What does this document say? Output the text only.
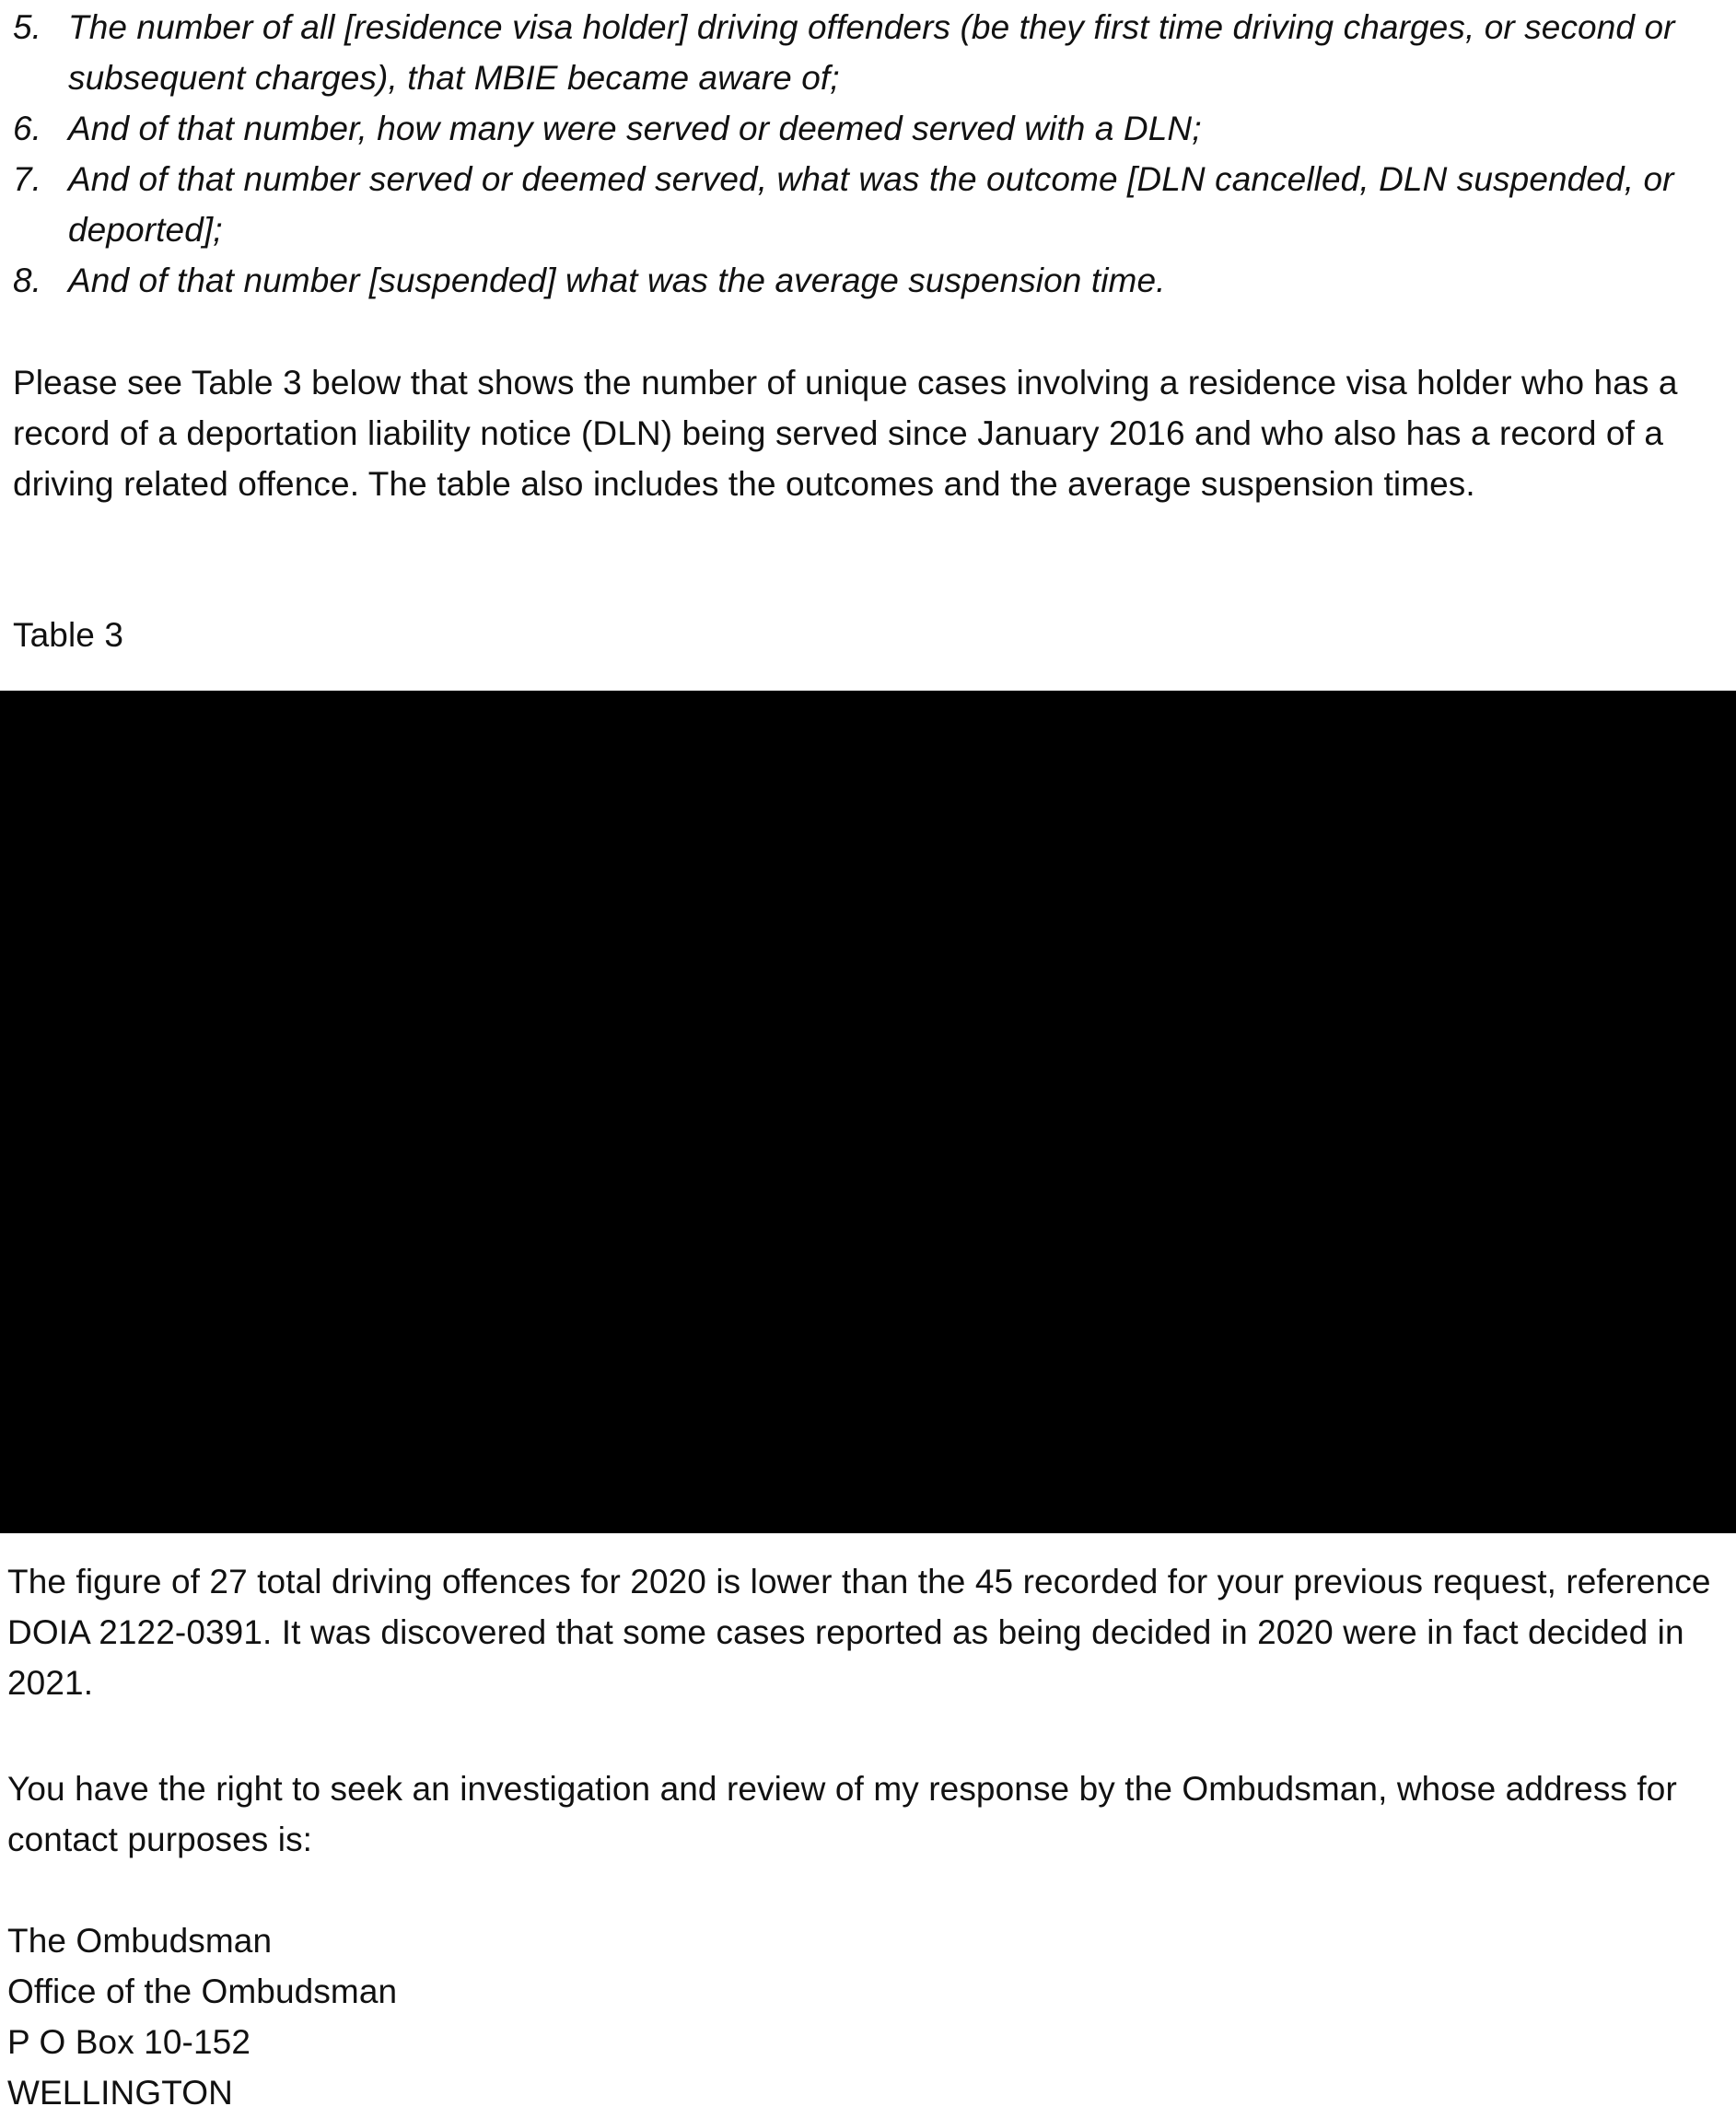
5. The number of all [residence visa holder] driving offenders (be they first time driving charges, or second or subsequent charges), that MBIE became aware of;
6. And of that number, how many were served or deemed served with a DLN;
7. And of that number served or deemed served, what was the outcome [DLN cancelled, DLN suspended, or deported];
8. And of that number [suspended] what was the average suspension time.

Please see Table 3 below that shows the number of unique cases involving a residence visa holder who has a record of a deportation liability notice (DLN) being served since January 2016 and who also has a record of a driving related offence. The table also includes the outcomes and the average suspension times.

Table 3

The figure of 27 total driving offences for 2020 is lower than the 45 recorded for your previous request, reference DOIA 2122-0391. It was discovered that some cases reported as being decided in 2020 were in fact decided in 2021.

You have the right to seek an investigation and review of my response by the Ombudsman, whose address for contact purposes is:

The Ombudsman
Office of the Ombudsman
P O Box 10-152
WELLINGTON
